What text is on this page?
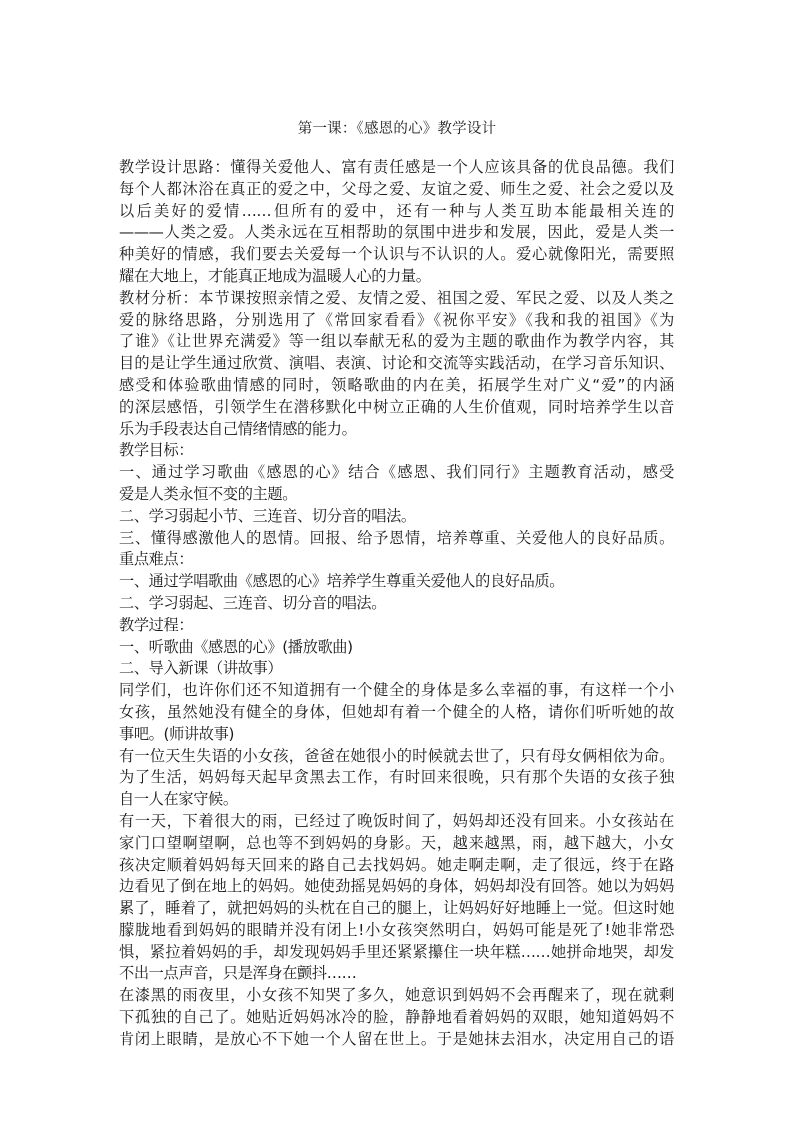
第一课：《感恩的心》教学设计
教学设计思路：懂得关爱他人、富有责任感是一个人应该具备的优良品德。我们
每个人都沐浴在真正的爱之中，父母之爱、友谊之爱、师生之爱、社会之爱以及
以后美好的爱情……但所有的爱中，还有一种与人类互助本能最相关连的
———人类之爱。人类永远在互相帮助的氛围中进步和发展，因此，爱是人类一
种美好的情感，我们要去关爱每一个认识与不认识的人。爱心就像阳光，需要照
耀在大地上，才能真正地成为温暖人心的力量。
教材分析：本节课按照亲情之爱、友情之爱、祖国之爱、军民之爱、以及人类之
爱的脉络思路，分别选用了《常回家看看》《祝你平安》《我和我的祖国》《为
了谁》《让世界充满爱》等一组以奉献无私的爱为主题的歌曲作为教学内容，其
目的是让学生通过欣赏、演唱、表演、讨论和交流等实践活动，在学习音乐知识、
感受和体验歌曲情感的同时，领略歌曲的内在美，拓展学生对广义“爱”的内涵
的深层感悟，引领学生在潜移默化中树立正确的人生价值观，同时培养学生以音
乐为手段表达自己情绪情感的能力。
教学目标：
一、通过学习歌曲《感恩的心》结合《感恩、我们同行》主题教育活动，感受
爱是人类永恒不变的主题。
二、学习弱起小节、三连音、切分音的唱法。
三、懂得感激他人的恩情。回报、给予恩情，培养尊重、关爱他人的良好品质。
重点难点：
一、通过学唱歌曲《感恩的心》培养学生尊重关爱他人的良好品质。
二、学习弱起、三连音、切分音的唱法。
教学过程：
一、听歌曲《感恩的心》(播放歌曲)
二、导入新课（讲故事）
同学们，也许你们还不知道拥有一个健全的身体是多么幸福的事，有这样一个小
女孩，虽然她没有健全的身体，但她却有着一个健全的人格，请你们听听她的故
事吧。(师讲故事)
有一位天生失语的小女孩，爸爸在她很小的时候就去世了，只有母女俩相依为命。
为了生活，妈妈每天起早贪黑去工作，有时回来很晚，只有那个失语的女孩子独
自一人在家守候。
有一天，下着很大的雨，已经过了晚饭时间了，妈妈却还没有回来。小女孩站在
家门口望啊望啊，总也等不到妈妈的身影。天，越来越黑，雨，越下越大，小女
孩决定顺着妈妈每天回来的路自己去找妈妈。她走啊走啊，走了很远，终于在路
边看见了倒在地上的妈妈。她使劲摇晃妈妈的身体，妈妈却没有回答。她以为妈妈
累了，睡着了，就把妈妈的头枕在自己的腿上，让妈妈好好地睡上一觉。但这时她
朦胧地看到妈妈的眼睛并没有闭上!小女孩突然明白，妈妈可能是死了!她非常恐
惧，紧拉着妈妈的手，却发现妈妈手里还紧紧攥住一块年糕……她拼命地哭，却发
不出一点声音，只是浑身在颤抖……
在漆黑的雨夜里，小女孩不知哭了多久，她意识到妈妈不会再醒来了，现在就剩
下孤独的自己了。她贴近妈妈冰冷的脸，静静地看着妈妈的双眼，她知道妈妈不
肯闭上眼睛，是放心不下她一个人留在世上。于是她抹去泪水，决定用自己的语
